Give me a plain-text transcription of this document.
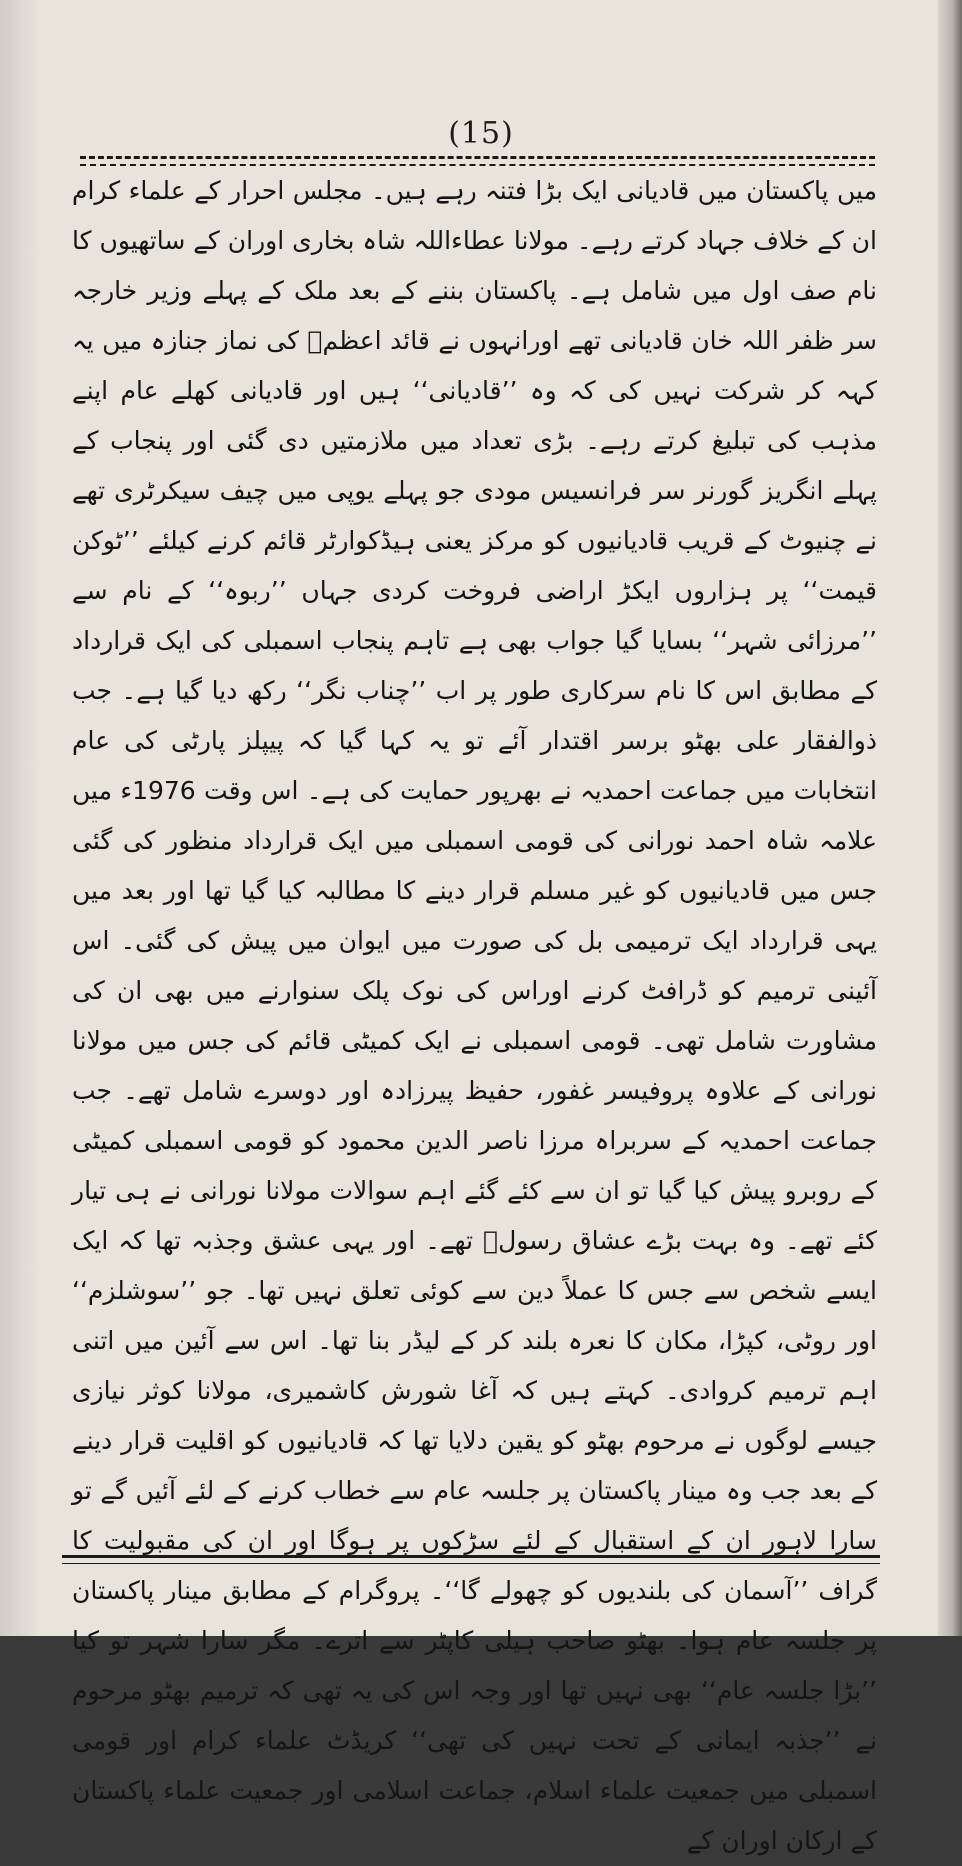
(15)

میں پاکستان میں قادیانی ایک بڑا فتنہ رہے ہیں۔ مجلس احرار کے علماء کرام ان کے خلاف جہاد کرتے رہے۔ مولانا عطاءاللہ شاہ بخاری اوران کے ساتھیوں کا نام صف اول میں شامل ہے۔ پاکستان بننے کے بعد ملک کے پہلے وزیر خارجہ سر ظفر اللہ خان قادیانی تھے اورانہوں نے قائد اعظمؒ کی نماز جنازہ میں یہ کہہ کر شرکت نہیں کی کہ وہ ’’قادیانی‘‘ ہیں اور قادیانی کھلے عام اپنے مذہب کی تبلیغ کرتے رہے۔ بڑی تعداد میں ملازمتیں دی گئی اور پنجاب کے پہلے انگریز گورنر سر فرانسیس مودی جو پہلے یوپی میں چیف سیکرٹری تھے نے چنیوٹ کے قریب قادیانیوں کو مرکز یعنی ہیڈکوارٹر قائم کرنے کیلئے ’’ٹوکن قیمت‘‘ پر ہزاروں ایکڑ اراضی فروخت کردی جہاں ’’ربوہ‘‘ کے نام سے ’’مرزائی شہر‘‘ بسایا گیا جواب بھی ہے تاہم پنجاب اسمبلی کی ایک قرارداد کے مطابق اس کا نام سرکاری طور پر اب ’’چناب نگر‘‘ رکھ دیا گیا ہے۔ جب ذوالفقار علی بھٹو برسر اقتدار آئے تو یہ کہا گیا کہ پیپلز پارٹی کی عام انتخابات میں جماعت احمدیہ نے بھرپور حمایت کی ہے۔ اس وقت 1976ء میں علامہ شاہ احمد نورانی کی قومی اسمبلی میں ایک قرارداد منظور کی گئی جس میں قادیانیوں کو غیر مسلم قرار دینے کا مطالبہ کیا گیا تھا اور بعد میں یہی قرارداد ایک ترمیمی بل کی صورت میں ایوان میں پیش کی گئی۔ اس آئینی ترمیم کو ڈرافٹ کرنے اوراس کی نوک پلک سنوارنے میں بھی ان کی مشاورت شامل تھی۔ قومی اسمبلی نے ایک کمیٹی قائم کی جس میں مولانا نورانی کے علاوہ پروفیسر غفور، حفیظ پیرزادہ اور دوسرے شامل تھے۔ جب جماعت احمدیہ کے سربراہ مرزا ناصر الدین محمود کو قومی اسمبلی کمیٹی کے روبرو پیش کیا گیا تو ان سے کئے گئے اہم سوالات مولانا نورانی نے ہی تیار کئے تھے۔ وہ بہت بڑے عشاق رسولؐ تھے۔ اور یہی عشق وجذبہ تھا کہ ایک ایسے شخص سے جس کا عملاً دین سے کوئی تعلق نہیں تھا۔ جو ’’سوشلزم‘‘ اور روٹی، کپڑا، مکان کا نعرہ بلند کر کے لیڈر بنا تھا۔ اس سے آئین میں اتنی اہم ترمیم کروادی۔ کہتے ہیں کہ آغا شورش کاشمیری، مولانا کوثر نیازی جیسے لوگوں نے مرحوم بھٹو کو یقین دلایا تھا کہ قادیانیوں کو اقلیت قرار دینے کے بعد جب وہ مینار پاکستان پر جلسہ عام سے خطاب کرنے کے لئے آئیں گے تو سارا لاہور ان کے استقبال کے لئے سڑکوں پر ہوگا اور ان کی مقبولیت کا گراف ’’آسمان کی بلندیوں کو چھولے گا‘‘۔ پروگرام کے مطابق مینار پاکستان پر جلسہ عام ہوا۔ بھٹو صاحب ہیلی کاپٹر سے اترے۔ مگر سارا شہر تو کیا ’’بڑا جلسہ عام‘‘ بھی نہیں تھا اور وجہ اس کی یہ تھی کہ ترمیم بھٹو مرحوم نے ’’جذبہ ایمانی کے تحت نہیں کی تھی‘‘ کریڈٹ علماء کرام اور قومی اسمبلی میں جمعیت علماء اسلام، جماعت اسلامی اور جمعیت علماء پاکستان کے ارکان اوران کے
